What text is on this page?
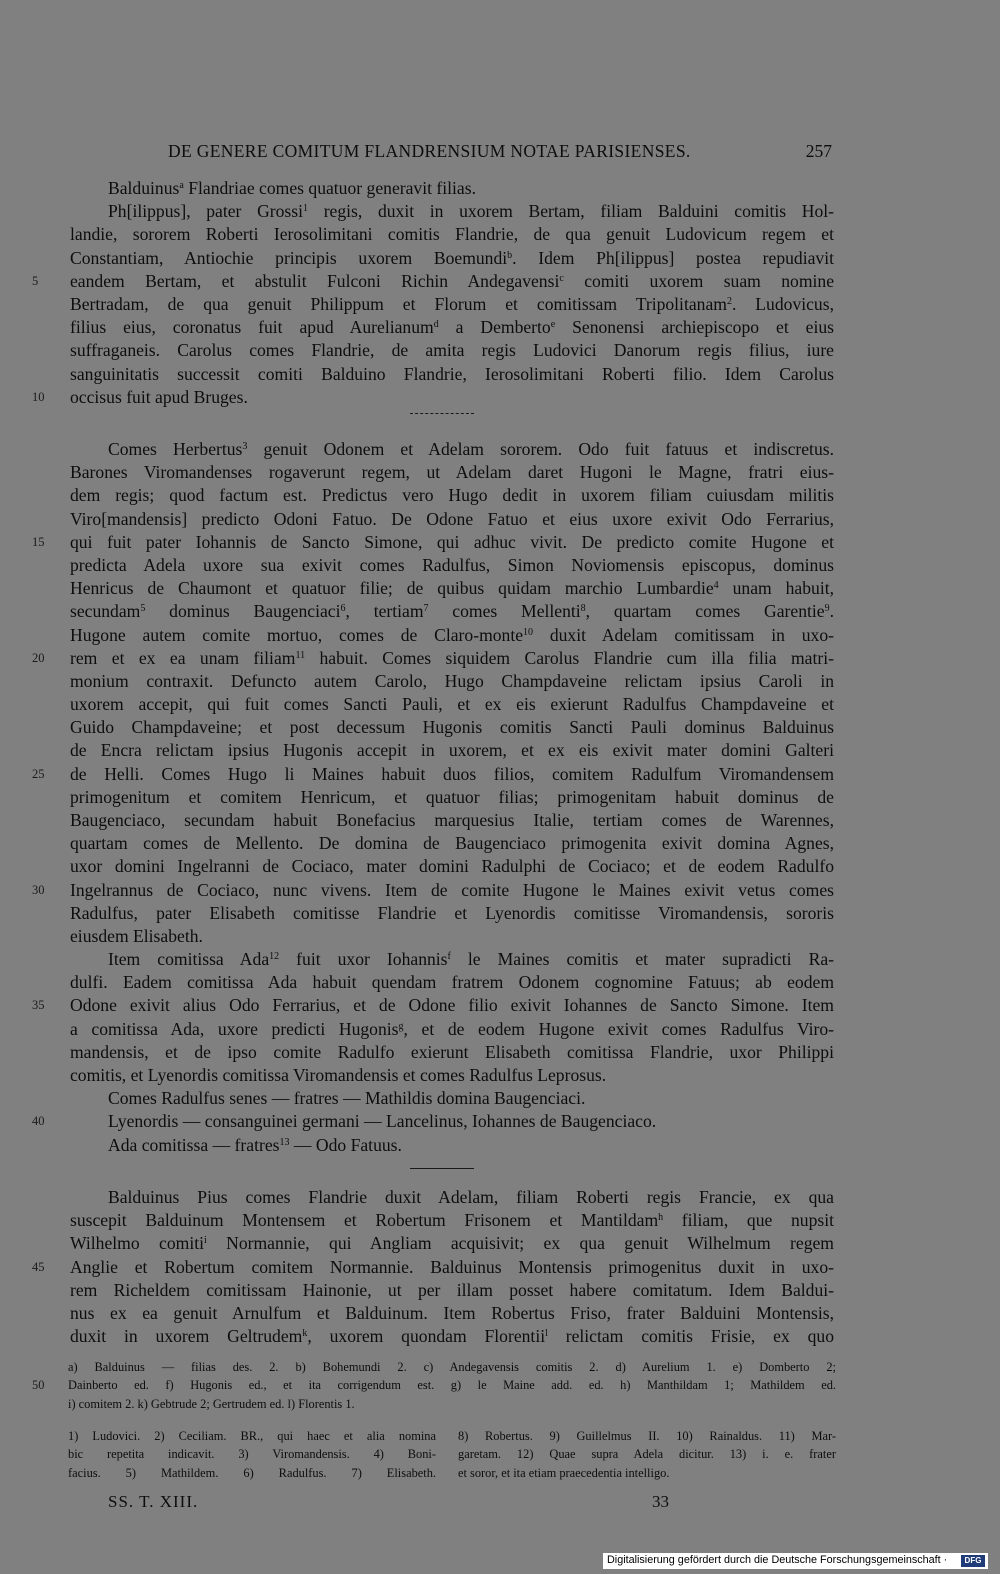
DE GENERE COMITUM FLANDRENSIUM NOTAE PARISIENSES.	257
Balduinus$^a$ Flandriae comes quatuor generavit filias.
Ph[ilippus], pater Grossi$^1$ regis, duxit in uxorem Bertam, filiam Balduini comitis Hol-
landie, sororem Roberti Ierosolimitani comitis Flandrie, de qua genuit Ludovicum regem et
Constantiam, Antiochie principis uxorem Boemundi$^b$. Idem Ph[ilippus] postea repudiavit
5	eandem Bertam, et abstulit Fulconi Richin Andegavensi$^c$ comiti uxorem suam nomine
Bertradam, de qua genuit Philippum et Florum et comitissam Tripolitanam$^2$. Ludovicus,
filius eius, coronatus fuit apud Aurelianum$^d$ a Demberto$^e$ Senonensi archiepiscopo et eius
suffraganeis. Carolus comes Flandrie, de amita regis Ludovici Danorum regis filius, iure
sanguinitatis successit comiti Balduino Flandrie, Ierosolimitani Roberti filio. Idem Carolus
10	occisus fuit apud Bruges.
Comes Herbertus$^3$ genuit Odonem et Adelam sororem. Odo fuit fatuus et indiscretus.
Barones Viromandenses rogaverunt regem, ut Adelam daret Hugoni le Magne, fratri eius-
dem regis; quod factum est. Predictus vero Hugo dedit in uxorem filiam cuiusdam militis
Viro[mandensis] predicto Odoni Fatuo. De Odone Fatuo et eius uxore exivit Odo Ferrarius,
15	qui fuit pater Iohannis de Sancto Simone, qui adhuc vivit. De predicto comite Hugone et
predicta Adela uxore sua exivit comes Radulfus, Simon Noviomensis episcopus, dominus
Henricus de Chaumont et quatuor filie; de quibus quidam marchio Lumbardie$^4$ unam habuit,
secundam$^5$ dominus Baugenciaci$^6$, tertiam$^7$ comes Mellenti$^8$, quartam comes Garentie$^9$.
Hugone autem comite mortuo, comes de Claro-monte$^{10}$ duxit Adelam comitissam in uxo-
20	rem et ex ea unam filiam$^{11}$ habuit. Comes siquidem Carolus Flandrie cum illa filia matri-
monium contraxit. Defuncto autem Carolo, Hugo Champdaveine relictam ipsius Caroli in
uxorem accepit, qui fuit comes Sancti Pauli, et ex eis exierunt Radulfus Champdaveine et
Guido Champdaveine; et post decessum Hugonis comitis Sancti Pauli dominus Balduinus
de Encra relictam ipsius Hugonis accepit in uxorem, et ex eis exivit mater domini Galteri
25	de Helli. Comes Hugo li Maines habuit duos filios, comitem Radulfum Viromandensem
primogenitum et comitem Henricum, et quatuor filias; primogenitam habuit dominus de
Baugenciaco, secundam habuit Bonefacius marquesius Italie, tertiam comes de Warennes,
quartam comes de Mellento. De domina de Baugenciaco primogenita exivit domina Agnes,
uxor domini Ingelranni de Cociaco, mater domini Radulphi de Cociaco; et de eodem Radulfo
30	Ingelrannus de Cociaco, nunc vivens. Item de comite Hugone le Maines exivit vetus comes
Radulfus, pater Elisabeth comitisse Flandrie et Lyenordis comitisse Viromandensis, sororis
eiusdem Elisabeth.
Item comitissa Ada$^{12}$ fuit uxor Iohannis$^f$ le Maines comitis et mater supradicti Ra-
dulfi. Eadem comitissa Ada habuit quendam fratrem Odonem cognomine Fatuus; ab eodem
35	Odone exivit alius Odo Ferrarius, et de Odone filio exivit Iohannes de Sancto Simone. Item
a comitissa Ada, uxore predicti Hugonis$^g$, et de eodem Hugone exivit comes Radulfus Viro-
mandensis, et de ipso comite Radulfo exierunt Elisabeth comitissa Flandrie, uxor Philippi
comitis, et Lyenordis comitissa Viromandensis et comes Radulfus Leprosus.
Comes Radulfus senes — fratres — Mathildis domina Baugenciaci.
40	Lyenordis — consanguinei germani — Lancelinus, Iohannes de Baugenciaco.
Ada comitissa — fratres$^{13}$ — Odo Fatuus.
Balduinus Pius comes Flandrie duxit Adelam, filiam Roberti regis Francie, ex qua
suscepit Balduinum Montensem et Robertum Frisonem et Mantildam$^h$ filiam, que nupsit
Wilhelmo comiti$^i$ Normannie, qui Angliam acquisivit; ex qua genuit Wilhelmum regem
45	Anglie et Robertum comitem Normannie. Balduinus Montensis primogenitus duxit in uxo-
rem Richeldem comitissam Hainonie, ut per illam posset habere comitatum. Idem Baldui-
nus ex ea genuit Arnulfum et Balduinum. Item Robertus Friso, frater Balduini Montensis,
duxit in uxorem Geltrudem$^k$, uxorem quondam Florentii$^l$ relictam comitis Frisie, ex quo
a) Balduinus — filias des. 2. b) Bohemundi 2. c) Andegavensis comitis 2. d) Aurelium 1. e) Domberto 2;
50	Dainberto ed. f) Hugonis ed., et ita corrigendum est. g) le Maine add. ed. h) Manthildam 1; Mathildem ed.
i) comitem 2. k) Gebtrude 2; Gertrudem ed. l) Florentis 1.
1) Ludovici. 2) Ceciliam. BR., qui haec et alia nomina
bic repetita indicavit. 3) Viromandensis. 4) Boni-
facius. 5) Mathildem. 6) Radulfus. 7) Elisabeth.
8) Robertus. 9) Guillelmus II. 10) Rainaldus. 11) Mar-
garetam. 12) Quae supra Adela dicitur. 13) i. e. frater
et soror, et ita etiam praecedentia intelligo.
SS. T. XIII.	33
Digitalisierung gefördert durch die Deutsche Forschungsgemeinschaft ·	DFG
